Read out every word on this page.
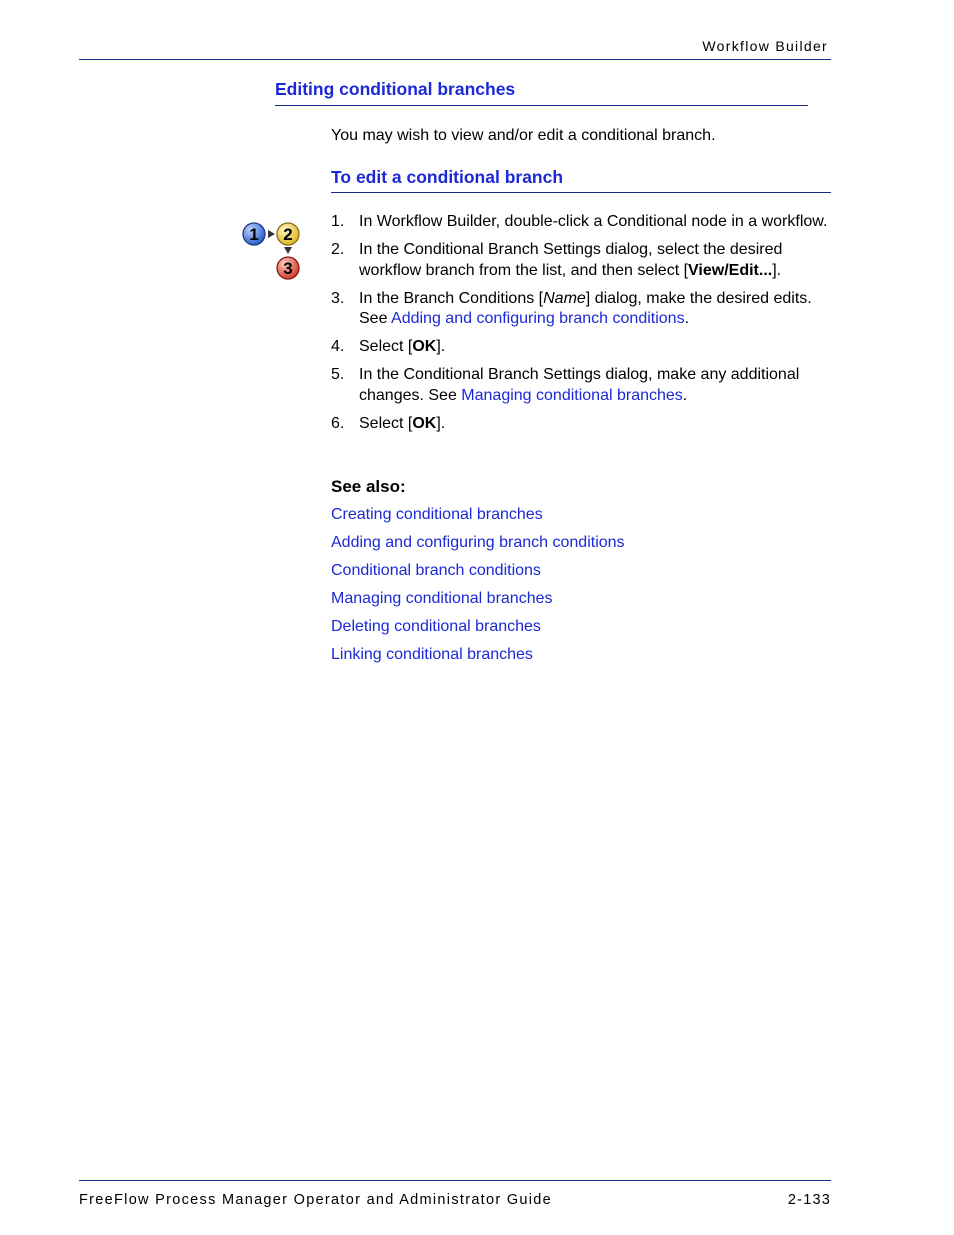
Workflow Builder
Editing conditional branches

You may wish to view and/or edit a conditional branch.

To edit a conditional branch
1 2
3
1. In Workflow Builder, double-click a Conditional node in a workflow.
2. In the Conditional Branch Settings dialog, select the desired workflow branch from the list, and then select [View/Edit...].
3. In the Branch Conditions [Name] dialog, make the desired edits. See Adding and configuring branch conditions.
4. Select [OK].
5. In the Conditional Branch Settings dialog, make any additional changes. See Managing conditional branches.
6. Select [OK].
See also:
Creating conditional branches
Adding and configuring branch conditions
Conditional branch conditions
Managing conditional branches
Deleting conditional branches
Linking conditional branches
FreeFlow Process Manager Operator and Administrator Guide	2-133
